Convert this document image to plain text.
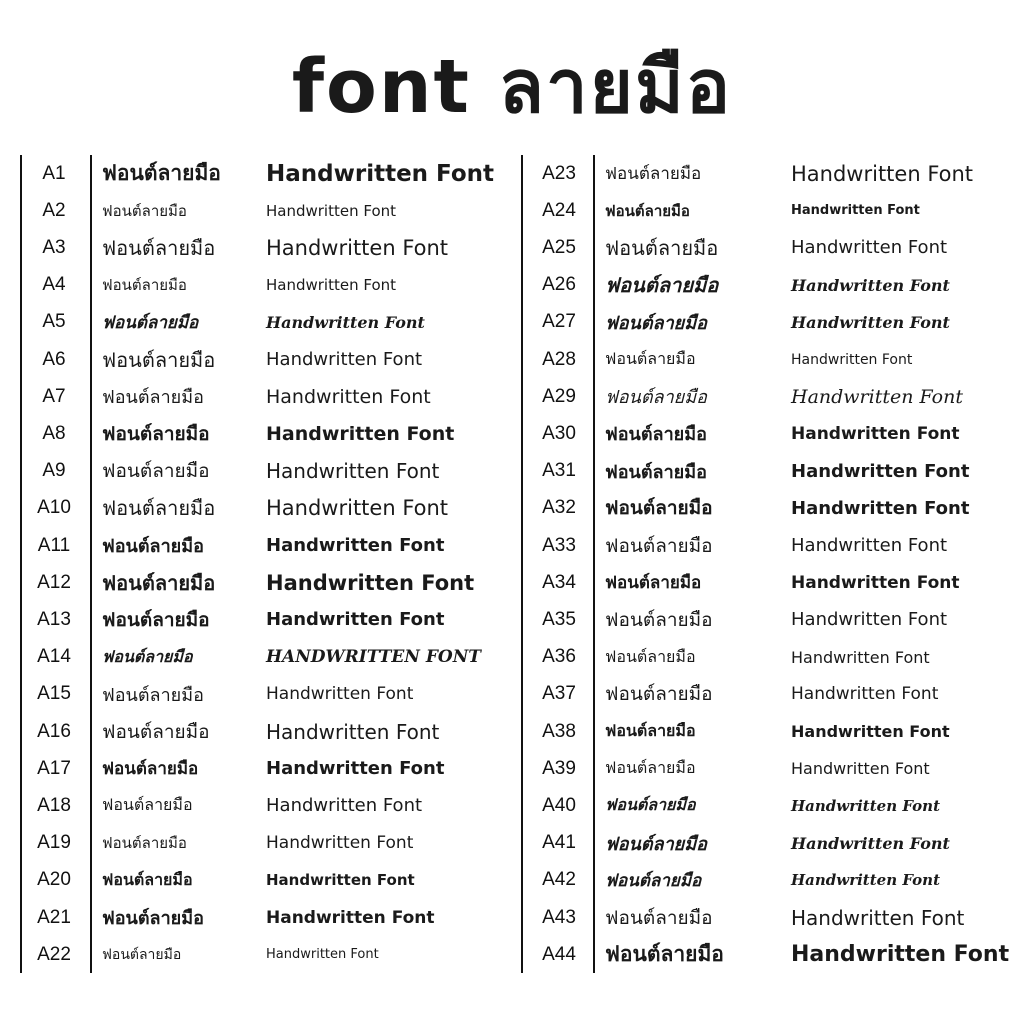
font ลายมือ
A1	ฟอนต์ลายมือ Handwritten Font
A2	ฟอนต์ลายมือ	Handwritten Font
A3	ฟอนต์ลายมือ Handwritten Font
A4	ฟอนต์ลายมือ	Handwritten Font
A5	ฟอนต์ลายมือ	Handwritten Font
A6	ฟอนต์ลายมือ	Handwritten Font
A7	ฟอนต์ลายมือ	Handwritten Font
A8	ฟอนต์ลายมือ	Handwritten Font
A9	ฟอนต์ลายมือ	Handwritten Font
A10	ฟอนต์ลายมือ Handwritten Font
A11	ฟอนต์ลายมือ	Handwritten Font
A12	ฟอนต์ลายมือ Handwritten Font
A13	ฟอนต์ลายมือ	Handwritten Font
A14	ฟอนต์ลายมือ	HANDWRITTEN FONT
A15	ฟอนต์ลายมือ	Handwritten Font
A16	ฟอนต์ลายมือ	Handwritten Font
A17	ฟอนต์ลายมือ	Handwritten Font
A18	ฟอนต์ลายมือ	Handwritten Font
A19	ฟอนต์ลายมือ	Handwritten Font
A20	ฟอนต์ลายมือ	Handwritten Font
A21	ฟอนต์ลายมือ	Handwritten Font
A22	ฟอนต์ลายมือ	Handwritten Font
A23	ฟอนต์ลายมือ	Handwritten Font
A24	ฟอนต์ลายมือ	Handwritten Font
A25	ฟอนต์ลายมือ	Handwritten Font
A26	ฟอนต์ลายมือ	Handwritten Font
A27	ฟอนต์ลายมือ	Handwritten Font
A28	ฟอนต์ลายมือ	Handwritten Font
A29	ฟอนต์ลายมือ	Handwritten Font
A30	ฟอนต์ลายมือ	Handwritten Font
A31	ฟอนต์ลายมือ	Handwritten Font
A32	ฟอนต์ลายมือ	Handwritten Font
A33	ฟอนต์ลายมือ	Handwritten Font
A34	ฟอนต์ลายมือ	Handwritten Font
A35	ฟอนต์ลายมือ	Handwritten Font
A36	ฟอนต์ลายมือ	Handwritten Font
A37	ฟอนต์ลายมือ	Handwritten Font
A38	ฟอนต์ลายมือ	Handwritten Font
A39	ฟอนต์ลายมือ	Handwritten Font
A40	ฟอนต์ลายมือ	Handwritten Font
A41	ฟอนต์ลายมือ	Handwritten Font
A42	ฟอนต์ลายมือ	Handwritten Font
A43	ฟอนต์ลายมือ	Handwritten Font
A44	ฟอนต์ลายมือ	Handwritten Font
